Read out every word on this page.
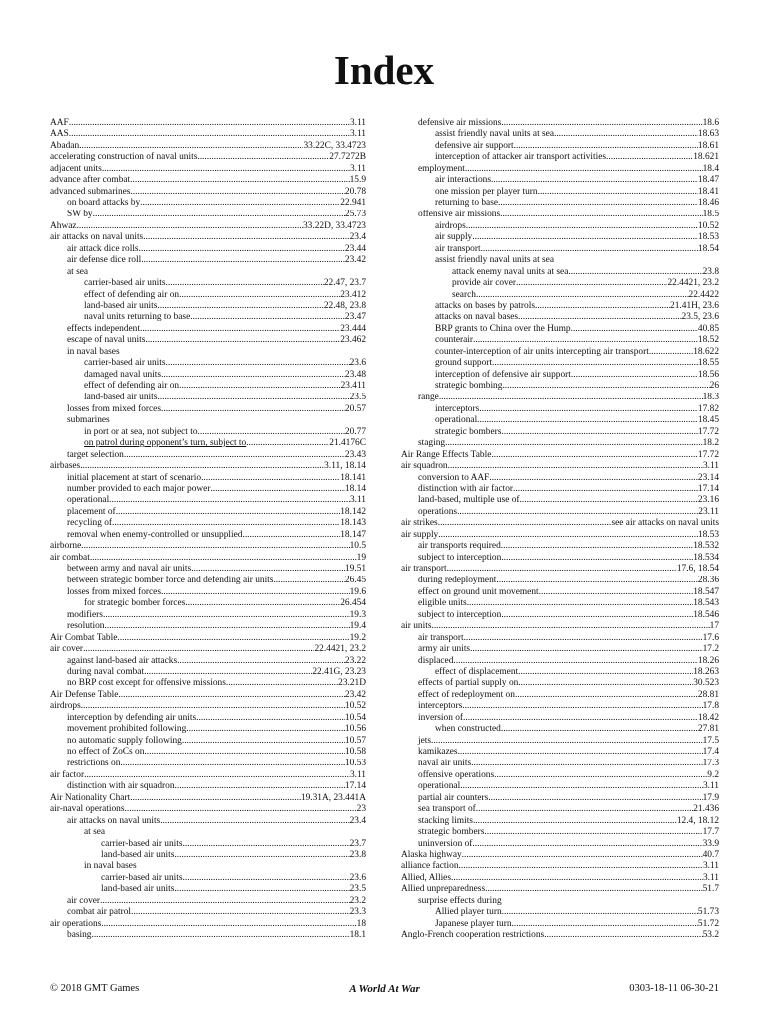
Index
AAF .....	3.11
AAS .....	3.11
Abadan .....	33.22C, 33.4723
accelerating construction of naval units .....	27.7272B
adjacent units .....	3.11
advance after combat .....	15.9
advanced submarines .....	20.78
on board attacks by .....	22.941
SW by .....	25.73
Ahwaz .....	33.22D, 33.4723
air attacks on naval units .....	23.4
air attack dice rolls .....	23.44
air defense dice roll .....	23.42
at sea
carrier-based air units .....	22.47, 23.7
effect of defending air on .....	23.412
land-based air units .....	22.48, 23.8
naval units returning to base .....	23.47
effects independent .....	23.444
escape of naval units .....	23.462
in naval bases
carrier-based air units .....	23.6
damaged naval units .....	23.48
effect of defending air on .....	23.411
land-based air units .....	23.5
losses from mixed forces .....	20.57
submarines
in port or at sea, not subject to .....	20.77
on patrol during opponent’s turn, subject to .....	21.4176C
target selection .....	23.43
airbases .....	3.11, 18.14
initial placement at start of scenario .....	18.141
number provided to each major power .....	18.14
operational .....	3.11
placement of .....	18.142
recycling of .....	18.143
removal when enemy-controlled or unsupplied .....	18.147
airborne .....	10.5
air combat .....	19
between army and naval air units .....	19.51
between strategic bomber force and defending air units .....	26.45
losses from mixed forces .....	19.6
for strategic bomber forces .....	26.454
modifiers .....	19.3
resolution .....	19.4
Air Combat Table .....	19.2
air cover .....	22.4421, 23.2
against land-based air attacks .....	23.22
during naval combat .....	22.41G, 23.23
no BRP cost except for offensive missions .....	23.21D
Air Defense Table .....	23.42
airdrops .....	10.52
interception by defending air units .....	10.54
movement prohibited following .....	10.56
no automatic supply following .....	10.57
no effect of ZoCs on .....	10.58
restrictions on .....	10.53
air factor .....	3.11
distinction with air squadron .....	17.14
Air Nationality Chart .....	19.31A, 23.441A
air-naval operations .....	23
air attacks on naval units .....	23.4
at sea
carrier-based air units .....	23.7
land-based air units .....	23.8
in naval bases
carrier-based air units .....	23.6
land-based air units .....	23.5
air cover .....	23.2
combat air patrol .....	23.3
air operations .....	18
basing .....	18.1
defensive air missions .....	18.6
assist friendly naval units at sea .....	18.63
defensive air support .....	18.61
interception of attacker air transport activities .....	18.621
employment .....	18.4
air interactions .....	18.47
one mission per player turn .....	18.41
returning to base .....	18.46
offensive air missions .....	18.5
airdrops .....	10.52
air supply .....	18.53
air transport .....	18.54
assist friendly naval units at sea
attack enemy naval units at sea .....	23.8
provide air cover .....	22.4421, 23.2
search .....	22.4422
attacks on bases by patrols .....	21.41H, 23.6
attacks on naval bases .....	23.5, 23.6
BRP grants to China over the Hump .....	40.85
counterair .....	18.52
counter-interception of air units intercepting air transport .....	18.622
ground support .....	18.55
interception of defensive air support .....	18.56
strategic bombing .....	26
range .....	18.3
interceptors .....	17.82
operational .....	18.45
strategic bombers .....	17.72
staging .....	18.2
Air Range Effects Table .....	17.72
air squadron .....	3.11
conversion to AAF .....	23.14
distinction with air factor .....	17.14
land-based, multiple use of .....	23.16
operations .....	23.11
air strikes .....	see air attacks on naval units
air supply .....	18.53
air transports required .....	18.532
subject to interception .....	18.534
air transport .....	17.6, 18.54
during redeployment .....	28.36
effect on ground unit movement .....	18.547
eligible units .....	18.543
subject to interception .....	18.546
air units .....	17
air transport .....	17.6
army air units .....	17.2
displaced .....	18.26
effect of displacement .....	18.263
effects of partial supply on .....	30.523
effect of redeployment on .....	28.81
interceptors .....	17.8
inversion of .....	18.42
when constructed .....	27.81
jets .....	17.5
kamikazes .....	17.4
naval air units .....	17.3
offensive operations .....	9.2
operational .....	3.11
partial air counters .....	17.9
sea transport of .....	21.436
stacking limits .....	12.4, 18.12
strategic bombers .....	17.7
uninversion of .....	33.9
Alaska highway .....	40.7
alliance faction .....	3.11
Allied, Allies .....	3.11
Allied unpreparedness .....	51.7
surprise effects during
Allied player turn .....	51.73
Japanese player turn .....	51.72
Anglo-French cooperation restrictions .....	53.2
© 2018 GMT Games	A World At War	0303-18-11 06-30-21
